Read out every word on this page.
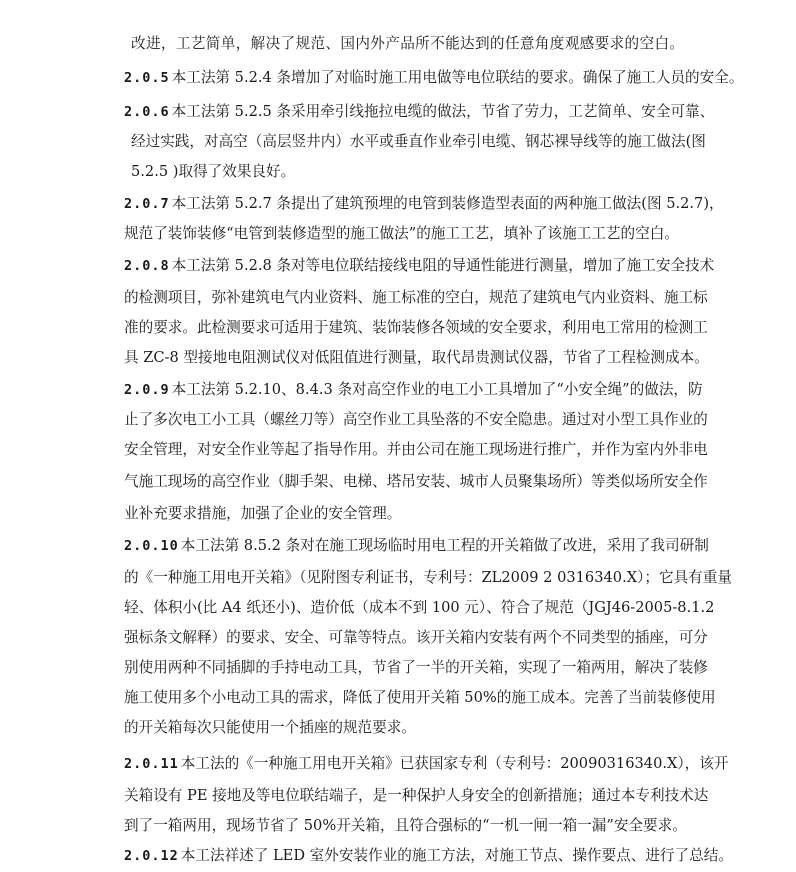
改进，工艺简单，解决了规范、国内外产品所不能达到的任意角度观感要求的空白。
2.0.5 本工法第 5.2.4 条增加了对临时施工用电做等电位联结的要求。确保了施工人员的安全。
2.0.6 本工法第 5.2.5 条采用牵引线拖拉电缆的做法，节省了劳力，工艺简单、安全可靠、
经过实践，对高空（高层竖井内）水平或垂直作业牵引电缆、钢芯裸导线等的施工做法(图
5.2.5 )取得了效果良好。
2.0.7 本工法第 5.2.7 条提出了建筑预埋的电管到装修造型表面的两种施工做法(图 5.2.7)，
规范了装饰装修“电管到装修造型的施工做法”的施工工艺，填补了该施工工艺的空白。
2.0.8 本工法第 5.2.8 条对等电位联结接线电阻的导通性能进行测量，增加了施工安全技术
的检测项目，弥补建筑电气内业资料、施工标准的空白，规范了建筑电气内业资料、施工标
准的要求。此检测要求可适用于建筑、装饰装修各领域的安全要求，利用电工常用的检测工
具 ZC-8 型接地电阻测试仪对低阻值进行测量，取代昂贵测试仪器，节省了工程检测成本。
2.0.9 本工法第 5.2.10、8.4.3 条对高空作业的电工小工具增加了“小安全绳”的做法，防
止了多次电工小工具（螺丝刀等）高空作业工具坠落的不安全隐患。通过对小型工具作业的
安全管理，对安全作业等起了指导作用。并由公司在施工现场进行推广，并作为室内外非电
气施工现场的高空作业（脚手架、电梯、塔吊安装、城市人员聚集场所）等类似场所安全作
业补充要求措施，加强了企业的安全管理。
2.0.10 本工法第 8.5.2 条对在施工现场临时用电工程的开关箱做了改进，采用了我司研制
的《一种施工用电开关箱》（见附图专利证书，专利号：ZL2009 2 0316340.X）；它具有重量
轻、体积小(比 A4 纸还小)、造价低（成本不到 100 元）、符合了规范（JGJ46-2005-8.1.2
强标条文解释）的要求、安全、可靠等特点。该开关箱内安装有两个不同类型的插座，可分
别使用两种不同插脚的手持电动工具，节省了一半的开关箱，实现了一箱两用，解决了装修
施工使用多个小电动工具的需求，降低了使用开关箱 50%的施工成本。完善了当前装修使用
的开关箱每次只能使用一个插座的规范要求。
2.0.11 本工法的《一种施工用电开关箱》已获国家专利（专利号：20090316340.X），该开
关箱设有 PE 接地及等电位联结端子，是一种保护人身安全的创新措施；通过本专利技术达
到了一箱两用，现场节省了 50%开关箱，且符合强标的“一机一闸一箱一漏”安全要求。
2.0.12 本工法祥述了 LED 室外安装作业的施工方法，对施工节点、操作要点、进行了总结。
